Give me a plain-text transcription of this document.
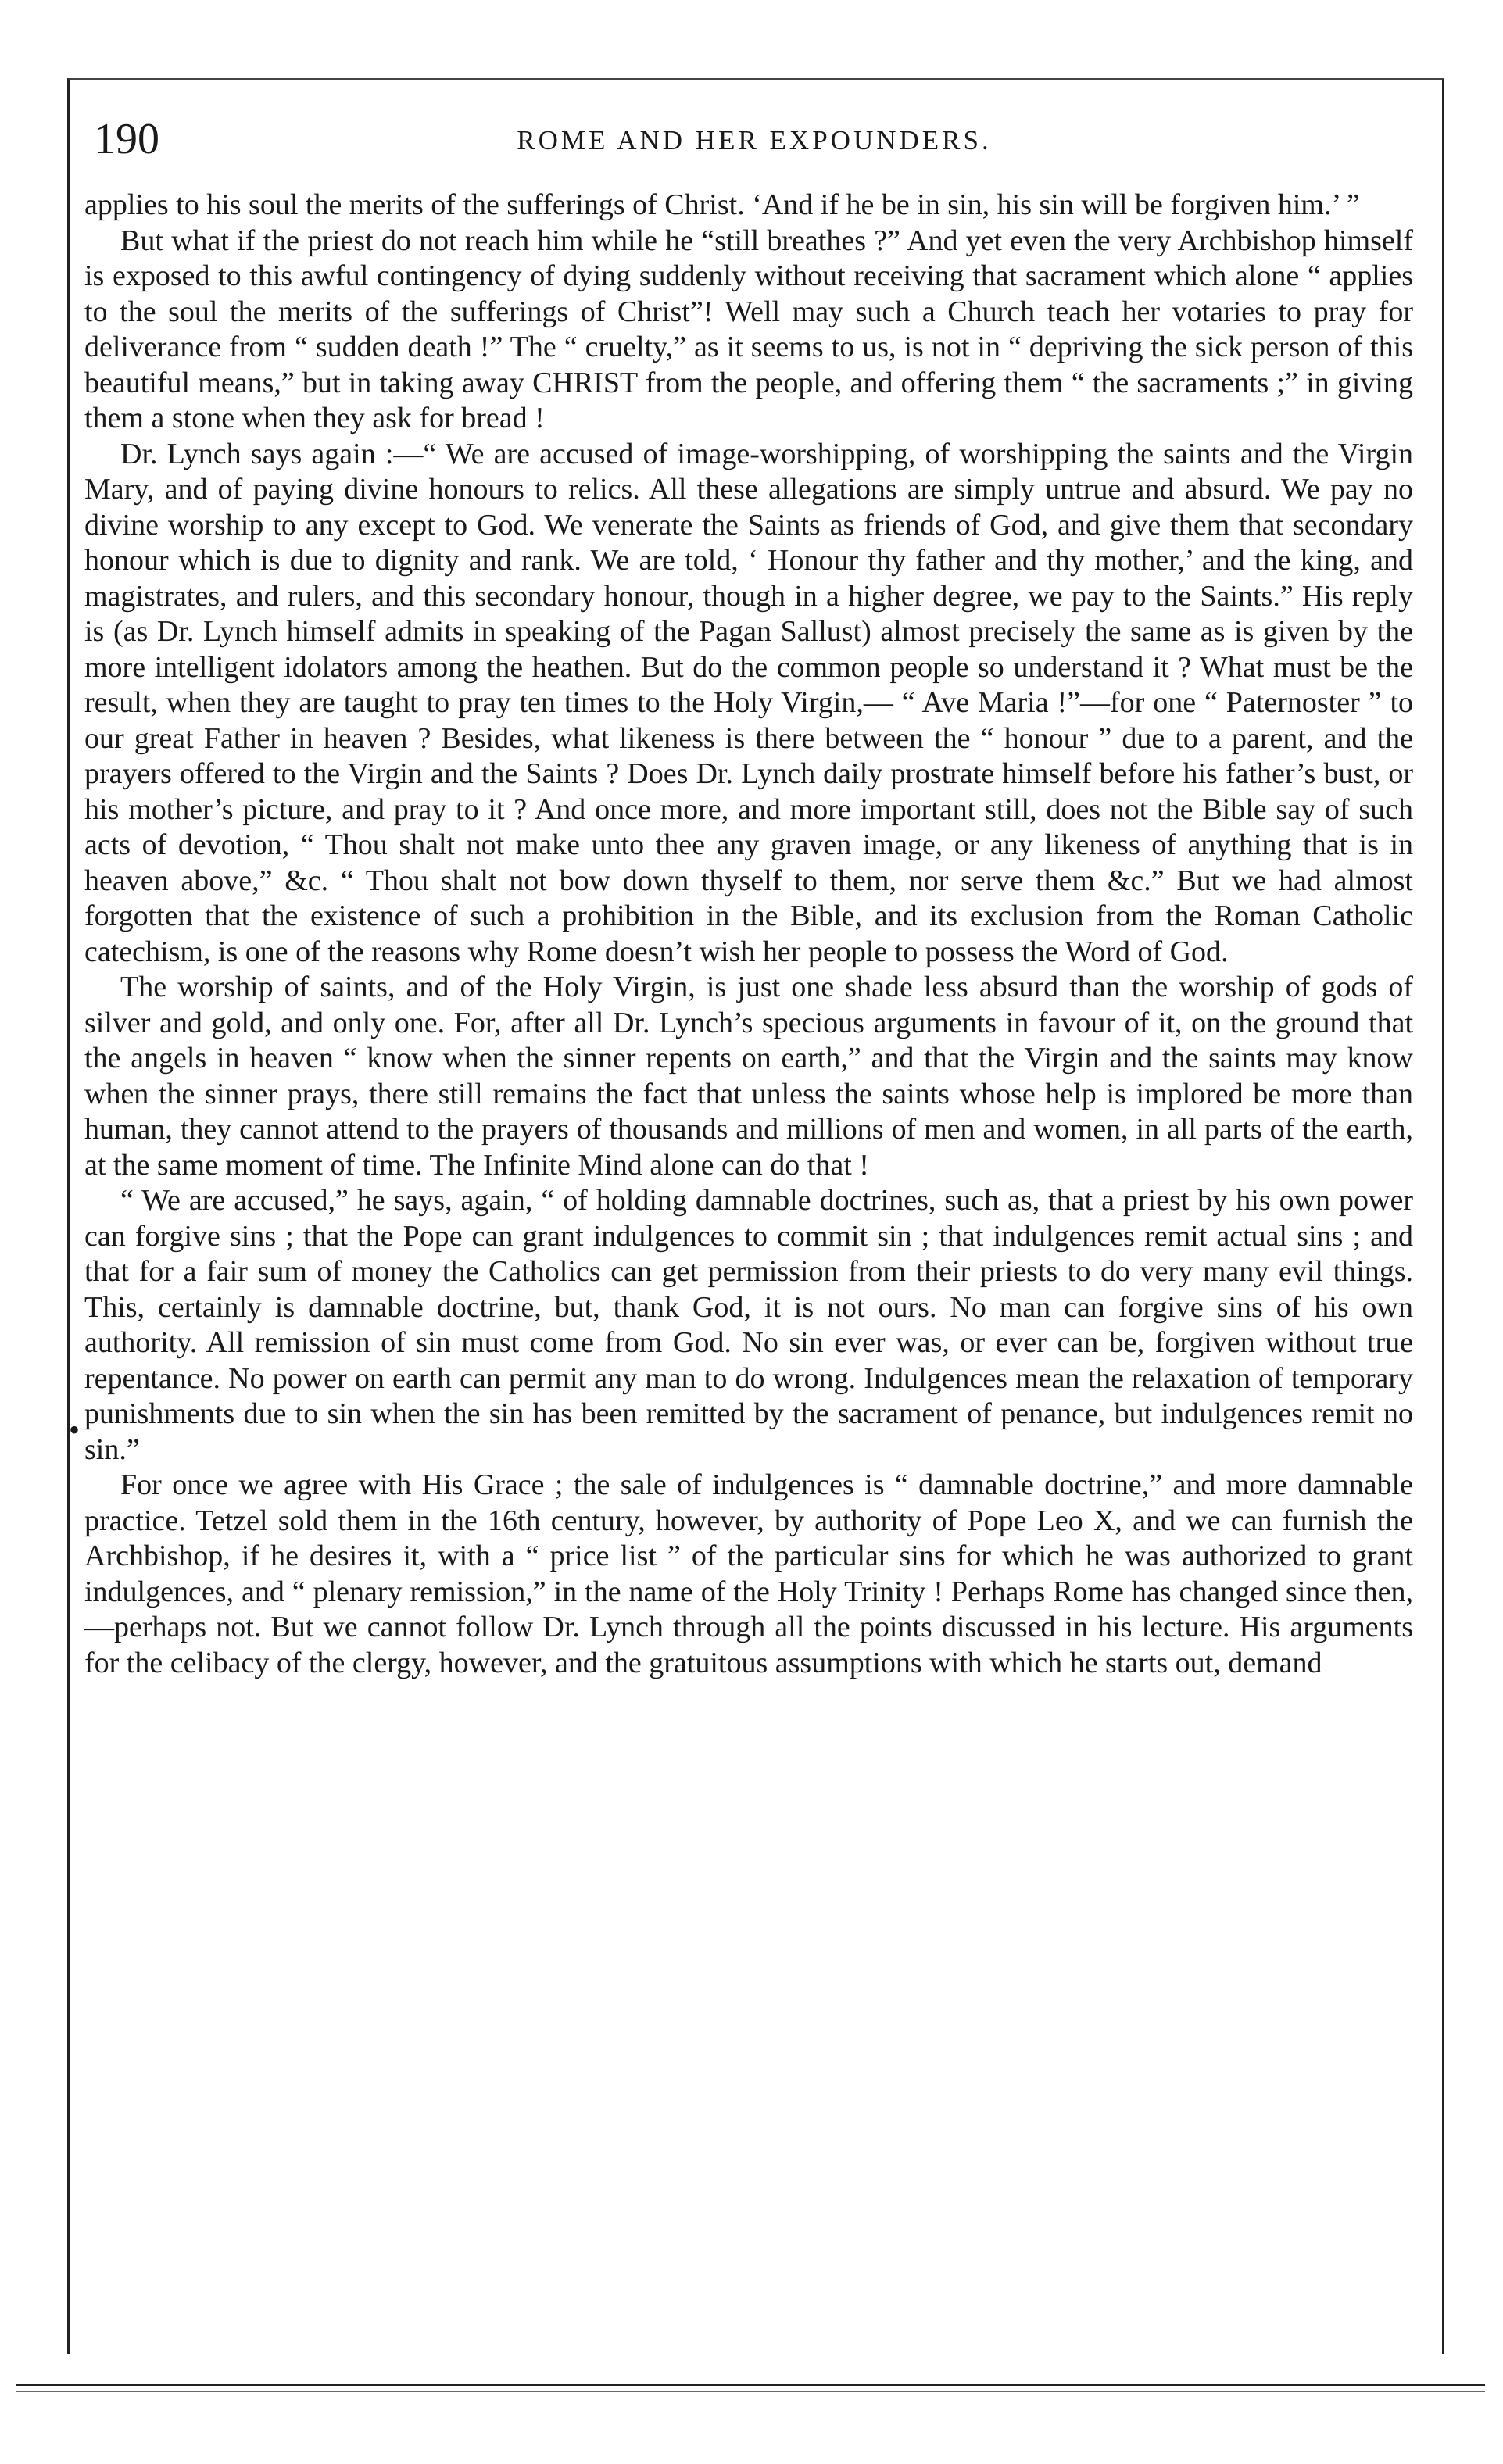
190	ROME AND HER EXPOUNDERS.

applies to his soul the merits of the sufferings of Christ. ‘And if he be in sin, his sin will be forgiven him.’ ”

But what if the priest do not reach him while he “still breathes ?” And yet even the very Archbishop himself is exposed to this awful contingency of dying suddenly without receiving that sacrament which alone “ applies to the soul the merits of the sufferings of Christ”! Well may such a Church teach her votaries to pray for deliverance from “ sudden death !” The “ cruelty,” as it seems to us, is not in “ depriving the sick person of this beautiful means,” but in taking away CHRIST from the people, and offering them “ the sacraments ;” in giving them a stone when they ask for bread !

Dr. Lynch says again :—“ We are accused of image-worshipping, of worshipping the saints and the Virgin Mary, and of paying divine honours to relics. All these allegations are simply untrue and absurd. We pay no divine worship to any except to God. We venerate the Saints as friends of God, and give them that secondary honour which is due to dignity and rank. We are told, ‘ Honour thy father and thy mother,’ and the king, and magistrates, and rulers, and this secondary honour, though in a higher degree, we pay to the Saints.” His reply is (as Dr. Lynch himself admits in speaking of the Pagan Sallust) almost precisely the same as is given by the more intelligent idolators among the heathen. But do the common people so understand it ? What must be the result, when they are taught to pray ten times to the Holy Virgin,— “ Ave Maria !”—for one “ Paternoster ” to our great Father in heaven ? Besides, what likeness is there between the “ honour ” due to a parent, and the prayers offered to the Virgin and the Saints ? Does Dr. Lynch daily prostrate himself before his father’s bust, or his mother’s picture, and pray to it ? And once more, and more important still, does not the Bible say of such acts of devotion, “ Thou shalt not make unto thee any graven image, or any likeness of anything that is in heaven above,” &c. “ Thou shalt not bow down thyself to them, nor serve them &c.” But we had almost forgotten that the existence of such a prohibition in the Bible, and its exclusion from the Roman Catholic catechism, is one of the reasons why Rome doesn’t wish her people to possess the Word of God.

The worship of saints, and of the Holy Virgin, is just one shade less absurd than the worship of gods of silver and gold, and only one. For, after all Dr. Lynch’s specious arguments in favour of it, on the ground that the angels in heaven “ know when the sinner repents on earth,” and that the Virgin and the saints may know when the sinner prays, there still remains the fact that unless the saints whose help is implored be more than human, they cannot attend to the prayers of thousands and millions of men and women, in all parts of the earth, at the same moment of time. The Infinite Mind alone can do that !

“ We are accused,” he says, again, “ of holding damnable doctrines, such as, that a priest by his own power can forgive sins ; that the Pope can grant indulgences to commit sin ; that indulgences remit actual sins ; and that for a fair sum of money the Catholics can get permission from their priests to do very many evil things. This, certainly is damnable doctrine, but, thank God, it is not ours. No man can forgive sins of his own authority. All remission of sin must come from God. No sin ever was, or ever can be, forgiven without true repentance. No power on earth can permit any man to do wrong. Indulgences mean the relaxation of temporary punishments due to sin when the sin has been remitted by the sacrament of penance, but indulgences remit no sin.”

For once we agree with His Grace ; the sale of indulgences is “ damnable doctrine,” and more damnable practice. Tetzel sold them in the 16th century, however, by authority of Pope Leo X, and we can furnish the Archbishop, if he desires it, with a “ price list ” of the particular sins for which he was authorized to grant indulgences, and “ plenary remission,” in the name of the Holy Trinity ! Perhaps Rome has changed since then,—perhaps not. But we cannot follow Dr. Lynch through all the points discussed in his lecture. His arguments for the celibacy of the clergy, however, and the gratuitous assumptions with which he starts out, demand

•
